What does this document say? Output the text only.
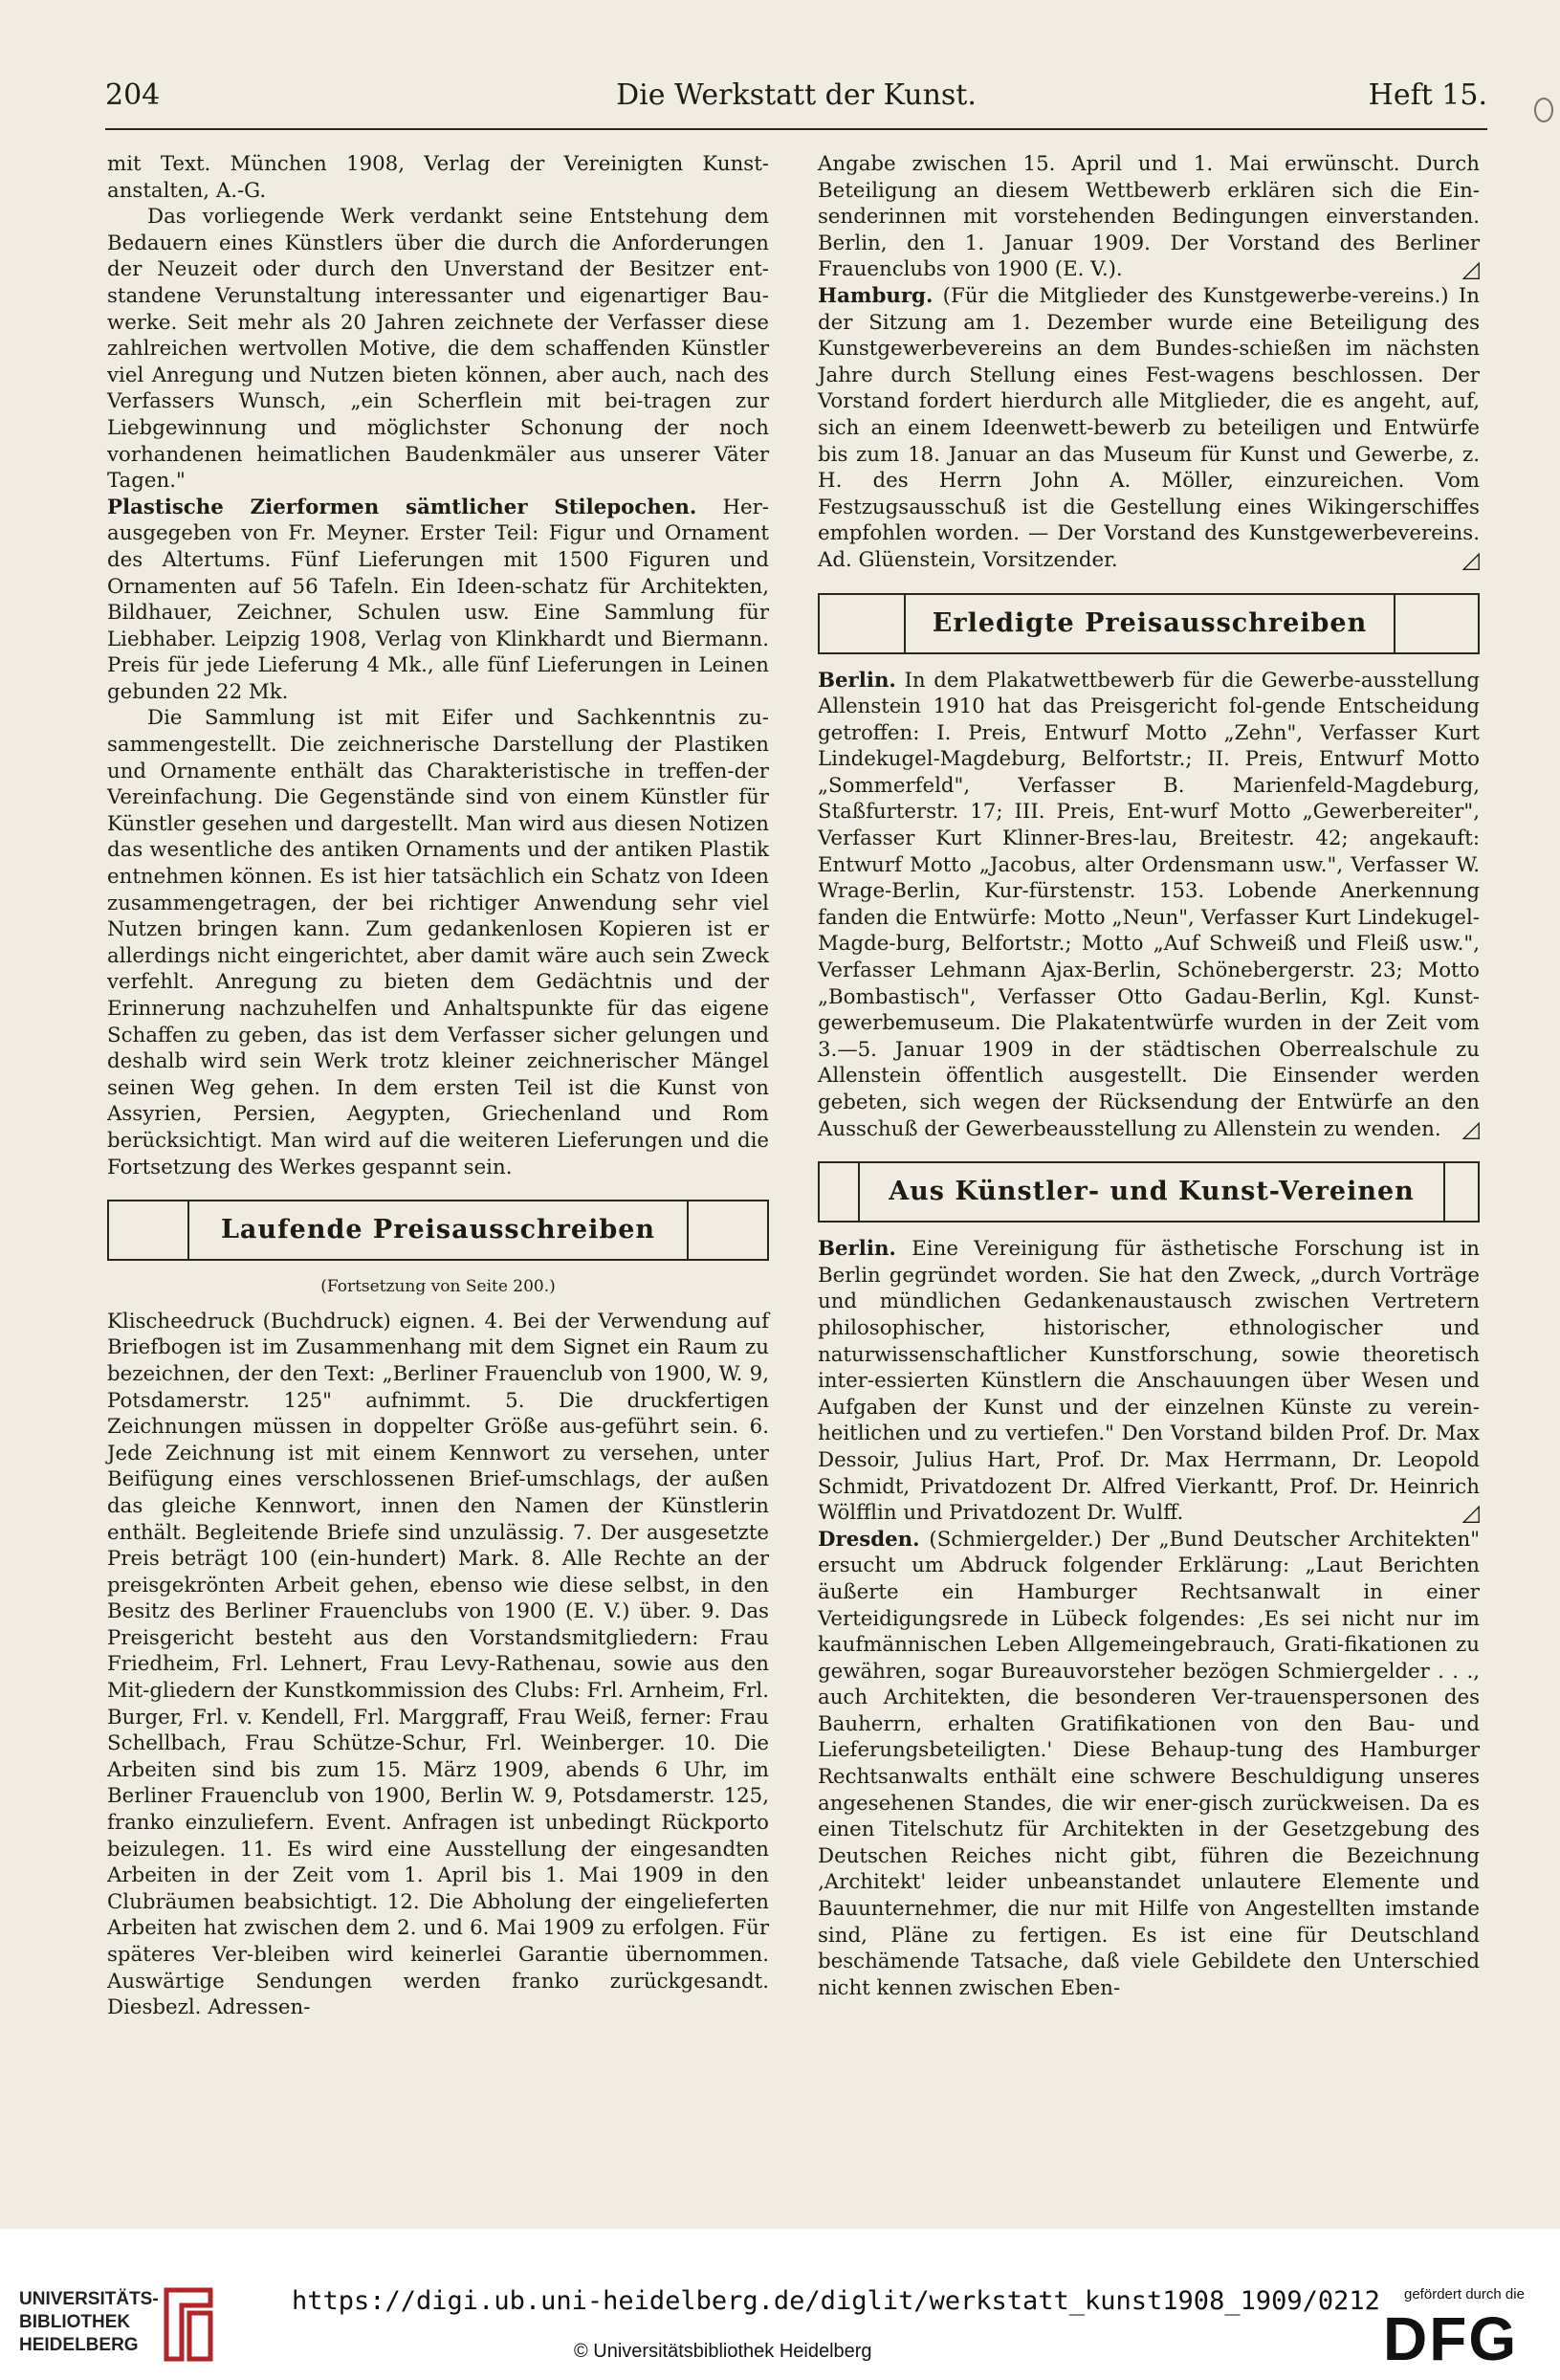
204	Die Werkstatt der Kunst.	Heft 15.

mit Text. München 1908, Verlag der Vereinigten Kunst-anstalten, A.-G.

Das vorliegende Werk verdankt seine Entstehung dem Bedauern eines Künstlers über die durch die Anforderungen der Neuzeit oder durch den Unverstand der Besitzer ent-standene Verunstaltung interessanter und eigenartiger Bau-werke. Seit mehr als 20 Jahren zeichnete der Verfasser diese zahlreichen wertvollen Motive, die dem schaffenden Künstler viel Anregung und Nutzen bieten können, aber auch, nach des Verfassers Wunsch, „ein Scherflein mit bei-tragen zur Liebgewinnung und möglichster Schonung der noch vorhandenen heimatlichen Baudenkmäler aus unserer Väter Tagen."

Plastische Zierformen sämtlicher Stilepochen. Her-ausgegeben von Fr. Meyner. Erster Teil: Figur und Ornament des Altertums. Fünf Lieferungen mit 1500 Figuren und Ornamenten auf 56 Tafeln. Ein Ideen-schatz für Architekten, Bildhauer, Zeichner, Schulen usw. Eine Sammlung für Liebhaber. Leipzig 1908, Verlag von Klinkhardt und Biermann. Preis für jede Lieferung 4 Mk., alle fünf Lieferungen in Leinen gebunden 22 Mk.

Die Sammlung ist mit Eifer und Sachkenntnis zu-sammengestellt. Die zeichnerische Darstellung der Plastiken und Ornamente enthält das Charakteristische in treffen-der Vereinfachung. Die Gegenstände sind von einem Künstler für Künstler gesehen und dargestellt. Man wird aus diesen Notizen das wesentliche des antiken Ornaments und der antiken Plastik entnehmen können. Es ist hier tatsächlich ein Schatz von Ideen zusammengetragen, der bei richtiger Anwendung sehr viel Nutzen bringen kann. Zum gedankenlosen Kopieren ist er allerdings nicht eingerichtet, aber damit wäre auch sein Zweck verfehlt. Anregung zu bieten dem Gedächtnis und der Erinnerung nachzuhelfen und Anhaltspunkte für das eigene Schaffen zu geben, das ist dem Verfasser sicher gelungen und deshalb wird sein Werk trotz kleiner zeichnerischer Mängel seinen Weg gehen. In dem ersten Teil ist die Kunst von Assyrien, Persien, Aegypten, Griechenland und Rom berücksichtigt. Man wird auf die weiteren Lieferungen und die Fortsetzung des Werkes gespannt sein.

Laufende Preisausschreiben
(Fortsetzung von Seite 200.)

Klischeedruck (Buchdruck) eignen. 4. Bei der Verwendung auf Briefbogen ist im Zusammenhang mit dem Signet ein Raum zu bezeichnen, der den Text: „Berliner Frauenclub von 1900, W. 9, Potsdamerstr. 125" aufnimmt. 5. Die druckfertigen Zeichnungen müssen in doppelter Größe aus-geführt sein. 6. Jede Zeichnung ist mit einem Kennwort zu versehen, unter Beifügung eines verschlossenen Brief-umschlags, der außen das gleiche Kennwort, innen den Namen der Künstlerin enthält. Begleitende Briefe sind unzulässig. 7. Der ausgesetzte Preis beträgt 100 (ein-hundert) Mark. 8. Alle Rechte an der preisgekrönten Arbeit gehen, ebenso wie diese selbst, in den Besitz des Berliner Frauenclubs von 1900 (E. V.) über. 9. Das Preisgericht besteht aus den Vorstandsmitgliedern: Frau Friedheim, Frl. Lehnert, Frau Levy-Rathenau, sowie aus den Mit-gliedern der Kunstkommission des Clubs: Frl. Arnheim, Frl. Burger, Frl. v. Kendell, Frl. Marggraff, Frau Weiß, ferner: Frau Schellbach, Frau Schütze-Schur, Frl. Weinberger. 10. Die Arbeiten sind bis zum 15. März 1909, abends 6 Uhr, im Berliner Frauenclub von 1900, Berlin W. 9, Potsdamerstr. 125, franko einzuliefern. Event. Anfragen ist unbedingt Rückporto beizulegen. 11. Es wird eine Ausstellung der eingesandten Arbeiten in der Zeit vom 1. April bis 1. Mai 1909 in den Clubräumen beabsichtigt. 12. Die Abholung der eingelieferten Arbeiten hat zwischen dem 2. und 6. Mai 1909 zu erfolgen. Für späteres Ver-bleiben wird keinerlei Garantie übernommen. Auswärtige Sendungen werden franko zurückgesandt. Diesbezl. Adressen-

Angabe zwischen 15. April und 1. Mai erwünscht. Durch Beteiligung an diesem Wettbewerb erklären sich die Ein-senderinnen mit vorstehenden Bedingungen einverstanden. Berlin, den 1. Januar 1909. Der Vorstand des Berliner Frauenclubs von 1900 (E. V.).	◿

Hamburg. (Für die Mitglieder des Kunstgewerbe-vereins.) In der Sitzung am 1. Dezember wurde eine Beteiligung des Kunstgewerbevereins an dem Bundes-schießen im nächsten Jahre durch Stellung eines Fest-wagens beschlossen. Der Vorstand fordert hierdurch alle Mitglieder, die es angeht, auf, sich an einem Ideenwett-bewerb zu beteiligen und Entwürfe bis zum 18. Januar an das Museum für Kunst und Gewerbe, z. H. des Herrn John A. Möller, einzureichen. Vom Festzugsausschuß ist die Gestellung eines Wikingerschiffes empfohlen worden. — Der Vorstand des Kunstgewerbevereins. Ad. Glüenstein, Vorsitzender.	◿

Erledigte Preisausschreiben

Berlin. In dem Plakatwettbewerb für die Gewerbe-ausstellung Allenstein 1910 hat das Preisgericht fol-gende Entscheidung getroffen: I. Preis, Entwurf Motto „Zehn", Verfasser Kurt Lindekugel-Magdeburg, Belfortstr.; II. Preis, Entwurf Motto „Sommerfeld", Verfasser B. Marienfeld-Magdeburg, Staßfurterstr. 17; III. Preis, Ent-wurf Motto „Gewerbereiter", Verfasser Kurt Klinner-Bres-lau, Breitestr. 42; angekauft: Entwurf Motto „Jacobus, alter Ordensmann usw.", Verfasser W. Wrage-Berlin, Kur-fürstenstr. 153. Lobende Anerkennung fanden die Entwürfe: Motto „Neun", Verfasser Kurt Lindekugel-Magde-burg, Belfortstr.; Motto „Auf Schweiß und Fleiß usw.", Verfasser Lehmann Ajax-Berlin, Schönebergerstr. 23; Motto „Bombastisch", Verfasser Otto Gadau-Berlin, Kgl. Kunst-gewerbemuseum. Die Plakatentwürfe wurden in der Zeit vom 3.—5. Januar 1909 in der städtischen Oberrealschule zu Allenstein öffentlich ausgestellt. Die Einsender werden gebeten, sich wegen der Rücksendung der Entwürfe an den Ausschuß der Gewerbeausstellung zu Allenstein zu wenden. ◿

Aus Künstler- und Kunst-Vereinen

Berlin. Eine Vereinigung für ästhetische Forschung ist in Berlin gegründet worden. Sie hat den Zweck, „durch Vorträge und mündlichen Gedankenaustausch zwischen Vertretern philosophischer, historischer, ethnologischer und naturwissenschaftlicher Kunstforschung, sowie theoretisch inter-essierten Künstlern die Anschauungen über Wesen und Aufgaben der Kunst und der einzelnen Künste zu verein-heitlichen und zu vertiefen." Den Vorstand bilden Prof. Dr. Max Dessoir, Julius Hart, Prof. Dr. Max Herrmann, Dr. Leopold Schmidt, Privatdozent Dr. Alfred Vierkantt, Prof. Dr. Heinrich Wölfflin und Privatdozent Dr. Wulff.	◿

Dresden. (Schmiergelder.) Der „Bund Deutscher Architekten" ersucht um Abdruck folgender Erklärung: „Laut Berichten äußerte ein Hamburger Rechtsanwalt in einer Verteidigungsrede in Lübeck folgendes: ‚Es sei nicht nur im kaufmännischen Leben Allgemeingebrauch, Grati-fikationen zu gewähren, sogar Bureauvorsteher bezögen Schmiergelder . . ., auch Architekten, die besonderen Ver-trauenspersonen des Bauherrn, erhalten Gratifikationen von den Bau- und Lieferungsbeteiligten.' Diese Behaup-tung des Hamburger Rechtsanwalts enthält eine schwere Beschuldigung unseres angesehenen Standes, die wir ener-gisch zurückweisen. Da es einen Titelschutz für Architekten in der Gesetzgebung des Deutschen Reiches nicht gibt, führen die Bezeichnung ‚Architekt' leider unbeanstandet unlautere Elemente und Bauunternehmer, die nur mit Hilfe von Angestellten imstande sind, Pläne zu fertigen. Es ist eine für Deutschland beschämende Tatsache, daß viele Gebildete den Unterschied nicht kennen zwischen Eben-

UNIVERSITÄTS-
BIBLIOTHEK
HEIDELBERG
https://digi.ub.uni-heidelberg.de/diglit/werkstatt_kunst1908_1909/0212
© Universitätsbibliothek Heidelberg
gefördert durch die
DFG
